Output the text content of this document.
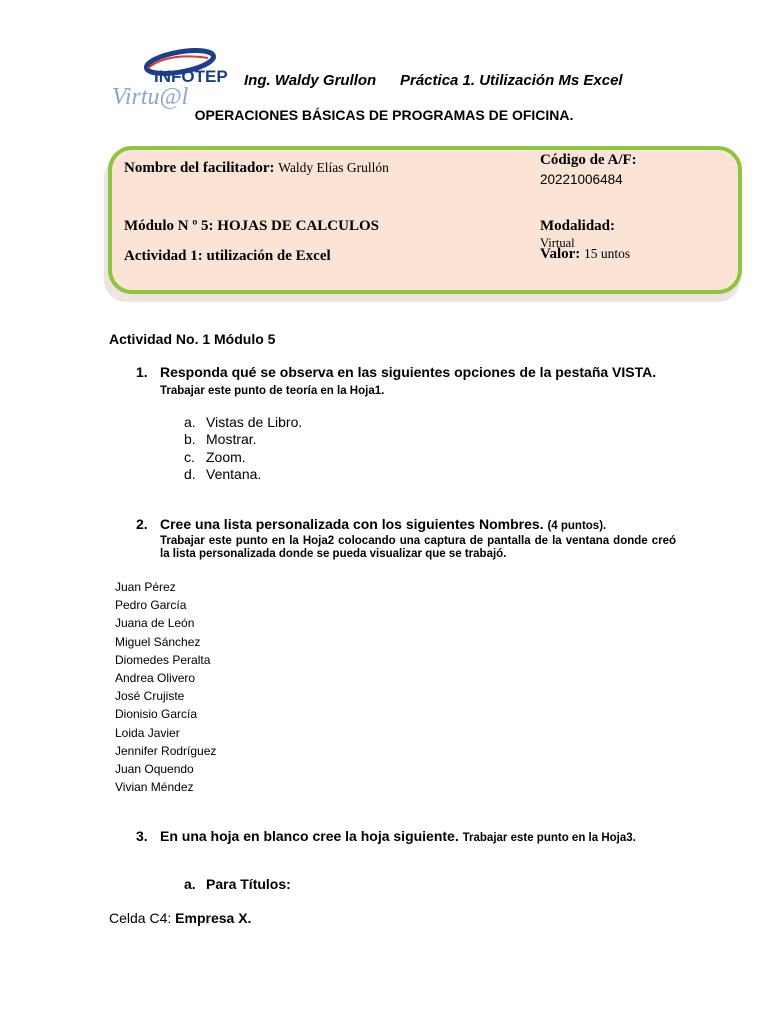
INFOTEP
Virtu@l
Ing. Waldy Grullon Práctica 1. Utilización Ms Excel
OPERACIONES BÁSICAS DE PROGRAMAS DE OFICINA.
Nombre del facilitador: Waldy Elías Grullón	Código de A/F:
20221006484
Módulo N º 5: HOJAS DE CALCULOS	Modalidad:
Virtual
Actividad 1: utilización de Excel	Valor: 15 untos
Actividad No. 1 Módulo 5
1. Responda qué se observa en las siguientes opciones de la pestaña VISTA. Trabajar este punto de teoría en la Hoja1.
a. Vistas de Libro.
b. Mostrar.
c. Zoom.
d. Ventana.
2. Cree una lista personalizada con los siguientes Nombres. (4 puntos).

Trabajar este punto en la Hoja2 colocando una captura de pantalla de la ventana donde creó la lista personalizada donde se pueda visualizar que se trabajó.
Juan Pérez
Pedro García
Juana de León
Miguel Sánchez
Diomedes Peralta
Andrea Olivero
José Crujiste
Dionisio García
Loida Javier
Jennifer Rodríguez
Juan Oquendo
Vivian Méndez
3. En una hoja en blanco cree la hoja siguiente. Trabajar este punto en la Hoja3.
a. Para Títulos:
Celda C4: Empresa X.
